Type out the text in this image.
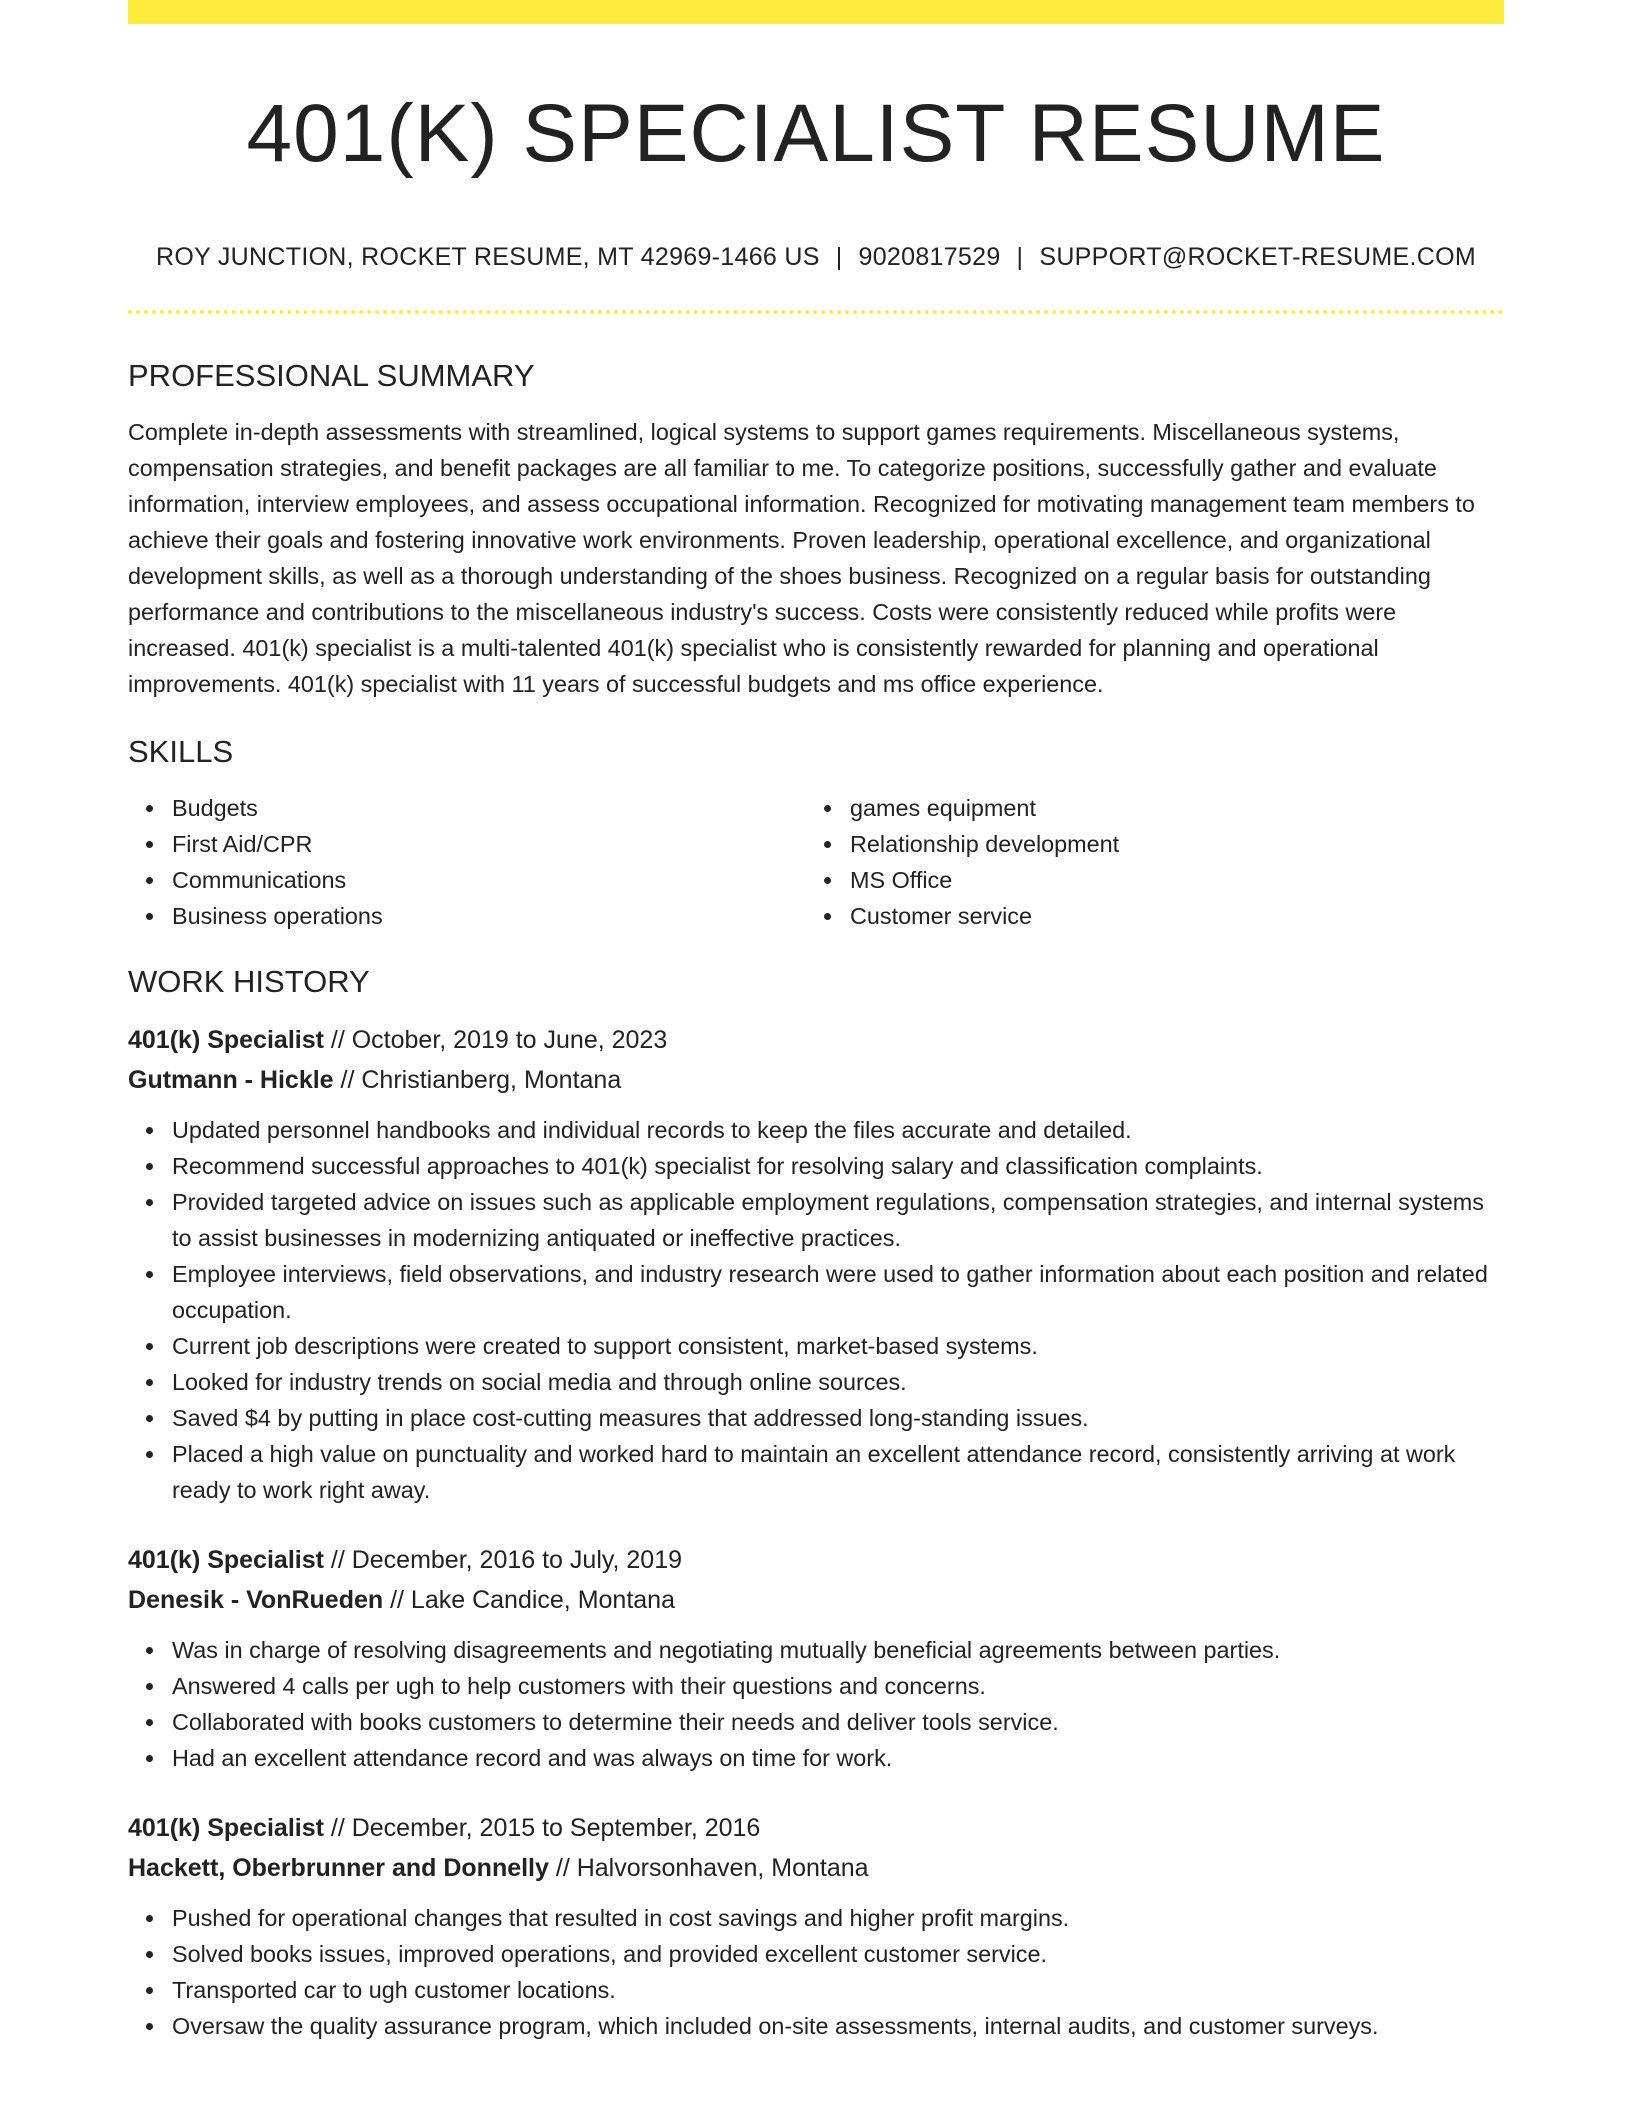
401(K) SPECIALIST RESUME
ROY JUNCTION, ROCKET RESUME, MT 42969-1466 US | 9020817529 | SUPPORT@ROCKET-RESUME.COM
PROFESSIONAL SUMMARY
Complete in-depth assessments with streamlined, logical systems to support games requirements. Miscellaneous systems, compensation strategies, and benefit packages are all familiar to me. To categorize positions, successfully gather and evaluate information, interview employees, and assess occupational information. Recognized for motivating management team members to achieve their goals and fostering innovative work environments. Proven leadership, operational excellence, and organizational development skills, as well as a thorough understanding of the shoes business. Recognized on a regular basis for outstanding performance and contributions to the miscellaneous industry's success. Costs were consistently reduced while profits were increased. 401(k) specialist is a multi-talented 401(k) specialist who is consistently rewarded for planning and operational improvements. 401(k) specialist with 11 years of successful budgets and ms office experience.
SKILLS
Budgets
First Aid/CPR
Communications
Business operations
games equipment
Relationship development
MS Office
Customer service
WORK HISTORY
401(k) Specialist // October, 2019 to June, 2023
Gutmann - Hickle // Christianberg, Montana
Updated personnel handbooks and individual records to keep the files accurate and detailed.
Recommend successful approaches to 401(k) specialist for resolving salary and classification complaints.
Provided targeted advice on issues such as applicable employment regulations, compensation strategies, and internal systems to assist businesses in modernizing antiquated or ineffective practices.
Employee interviews, field observations, and industry research were used to gather information about each position and related occupation.
Current job descriptions were created to support consistent, market-based systems.
Looked for industry trends on social media and through online sources.
Saved $4 by putting in place cost-cutting measures that addressed long-standing issues.
Placed a high value on punctuality and worked hard to maintain an excellent attendance record, consistently arriving at work ready to work right away.
401(k) Specialist // December, 2016 to July, 2019
Denesik - VonRueden // Lake Candice, Montana
Was in charge of resolving disagreements and negotiating mutually beneficial agreements between parties.
Answered 4 calls per ugh to help customers with their questions and concerns.
Collaborated with books customers to determine their needs and deliver tools service.
Had an excellent attendance record and was always on time for work.
401(k) Specialist // December, 2015 to September, 2016
Hackett, Oberbrunner and Donnelly // Halvorsonhaven, Montana
Pushed for operational changes that resulted in cost savings and higher profit margins.
Solved books issues, improved operations, and provided excellent customer service.
Transported car to ugh customer locations.
Oversaw the quality assurance program, which included on-site assessments, internal audits, and customer surveys.
